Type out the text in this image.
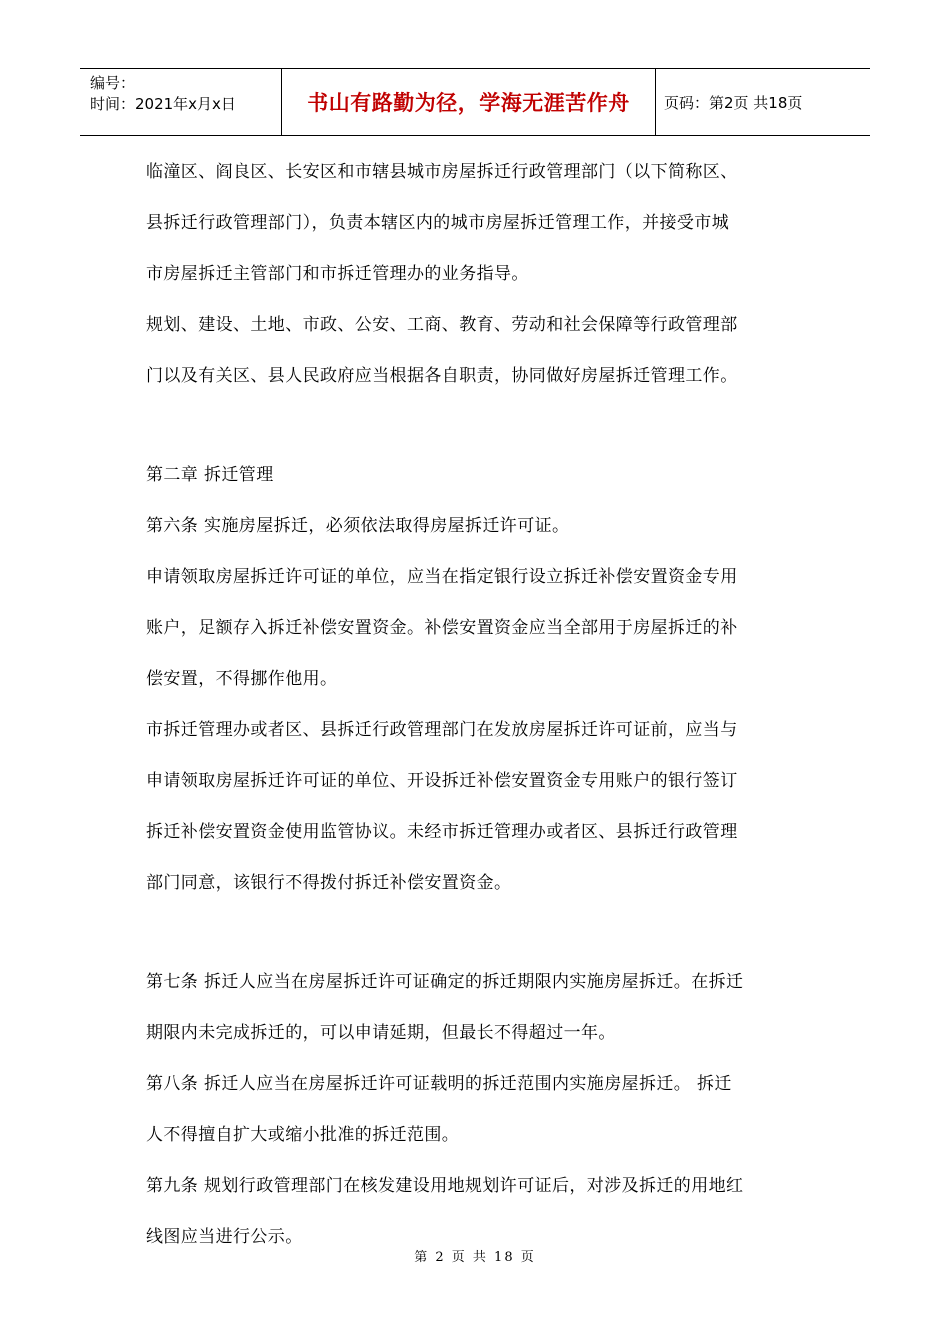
编号：
时间：2021年x月x日	书山有路勤为径，学海无涯苦作舟	页码：第2页 共18页
临潼区、阎良区、长安区和市辖县城市房屋拆迁行政管理部门（以下简称区、
县拆迁行政管理部门），负责本辖区内的城市房屋拆迁管理工作，并接受市城
市房屋拆迁主管部门和市拆迁管理办的业务指导。
规划、建设、土地、市政、公安、工商、教育、劳动和社会保障等行政管理部
门以及有关区、县人民政府应当根据各自职责，协同做好房屋拆迁管理工作。
第二章 拆迁管理
第六条 实施房屋拆迁，必须依法取得房屋拆迁许可证。
申请领取房屋拆迁许可证的单位，应当在指定银行设立拆迁补偿安置资金专用
账户，足额存入拆迁补偿安置资金。补偿安置资金应当全部用于房屋拆迁的补
偿安置，不得挪作他用。
市拆迁管理办或者区、县拆迁行政管理部门在发放房屋拆迁许可证前，应当与
申请领取房屋拆迁许可证的单位、开设拆迁补偿安置资金专用账户的银行签订
拆迁补偿安置资金使用监管协议。未经市拆迁管理办或者区、县拆迁行政管理
部门同意，该银行不得拨付拆迁补偿安置资金。
第七条 拆迁人应当在房屋拆迁许可证确定的拆迁期限内实施房屋拆迁。在拆迁
期限内未完成拆迁的，可以申请延期，但最长不得超过一年。
第八条 拆迁人应当在房屋拆迁许可证载明的拆迁范围内实施房屋拆迁。 拆迁
人不得擅自扩大或缩小批准的拆迁范围。
第九条 规划行政管理部门在核发建设用地规划许可证后，对涉及拆迁的用地红
线图应当进行公示。
第 2 页 共 18 页
